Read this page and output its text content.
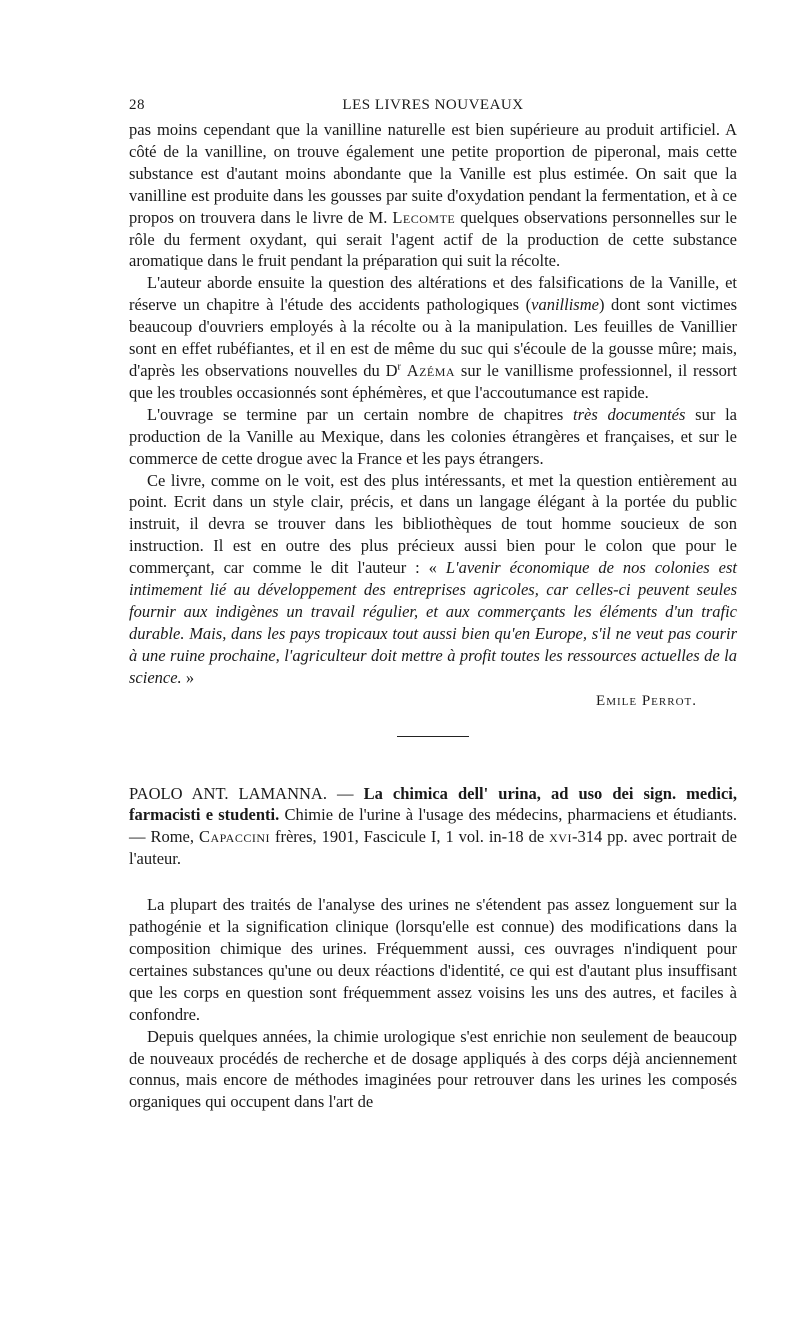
28	LES LIVRES NOUVEAUX

pas moins cependant que la vanilline naturelle est bien supérieure au produit artificiel. A côté de la vanilline, on trouve également une petite proportion de piperonal, mais cette substance est d'autant moins abondante que la Vanille est plus estimée. On sait que la vanilline est produite dans les gousses par suite d'oxydation pendant la fermentation, et à ce propos on trouvera dans le livre de M. Lecomte quelques observations personnelles sur le rôle du ferment oxydant, qui serait l'agent actif de la production de cette substance aromatique dans le fruit pendant la préparation qui suit la récolte.

L'auteur aborde ensuite la question des altérations et des falsifications de la Vanille, et réserve un chapitre à l'étude des accidents pathologiques (vanillisme) dont sont victimes beaucoup d'ouvriers employés à la récolte ou à la manipulation. Les feuilles de Vanillier sont en effet rubéfiantes, et il en est de même du suc qui s'écoule de la gousse mûre; mais, d'après les observations nouvelles du $D^r$ Azéma sur le vanillisme professionnel, il ressort que les troubles occasionnés sont éphémères, et que l'accoutumance est rapide.

L'ouvrage se termine par un certain nombre de chapitres très documentés sur la production de la Vanille au Mexique, dans les colonies étrangères et françaises, et sur le commerce de cette drogue avec la France et les pays étrangers.

Ce livre, comme on le voit, est des plus intéressants, et met la question entièrement au point. Ecrit dans un style clair, précis, et dans un langage élégant à la portée du public instruit, il devra se trouver dans les bibliothèques de tout homme soucieux de son instruction. Il est en outre des plus précieux aussi bien pour le colon que pour le commerçant, car comme le dit l'auteur : « L'avenir économique de nos colonies est intimement lié au développement des entreprises agricoles, car celles-ci peuvent seules fournir aux indigènes un travail régulier, et aux commerçants les éléments d'un trafic durable. Mais, dans les pays tropicaux tout aussi bien qu'en Europe, s'il ne veut pas courir à une ruine prochaine, l'agriculteur doit mettre à profit toutes les ressources actuelles de la science. »

Emile Perrot.

PAOLO ANT. LAMANNA. — La chimica dell' urina, ad uso dei sign. medici, farmacisti e studenti. Chimie de l'urine à l'usage des médecins, pharmaciens et étudiants. — Rome, Capaccini frères, 1901, Fascicule I, 1 vol. in-18 de xvi-314 pp. avec portrait de l'auteur.

La plupart des traités de l'analyse des urines ne s'étendent pas assez longuement sur la pathogénie et la signification clinique (lorsqu'elle est connue) des modifications dans la composition chimique des urines. Fréquemment aussi, ces ouvrages n'indiquent pour certaines substances qu'une ou deux réactions d'identité, ce qui est d'autant plus insuffisant que les corps en question sont fréquemment assez voisins les uns des autres, et faciles à confondre.

Depuis quelques années, la chimie urologique s'est enrichie non seulement de beaucoup de nouveaux procédés de recherche et de dosage appliqués à des corps déjà anciennement connus, mais encore de méthodes imaginées pour retrouver dans les urines les composés organiques qui occupent dans l'art de
